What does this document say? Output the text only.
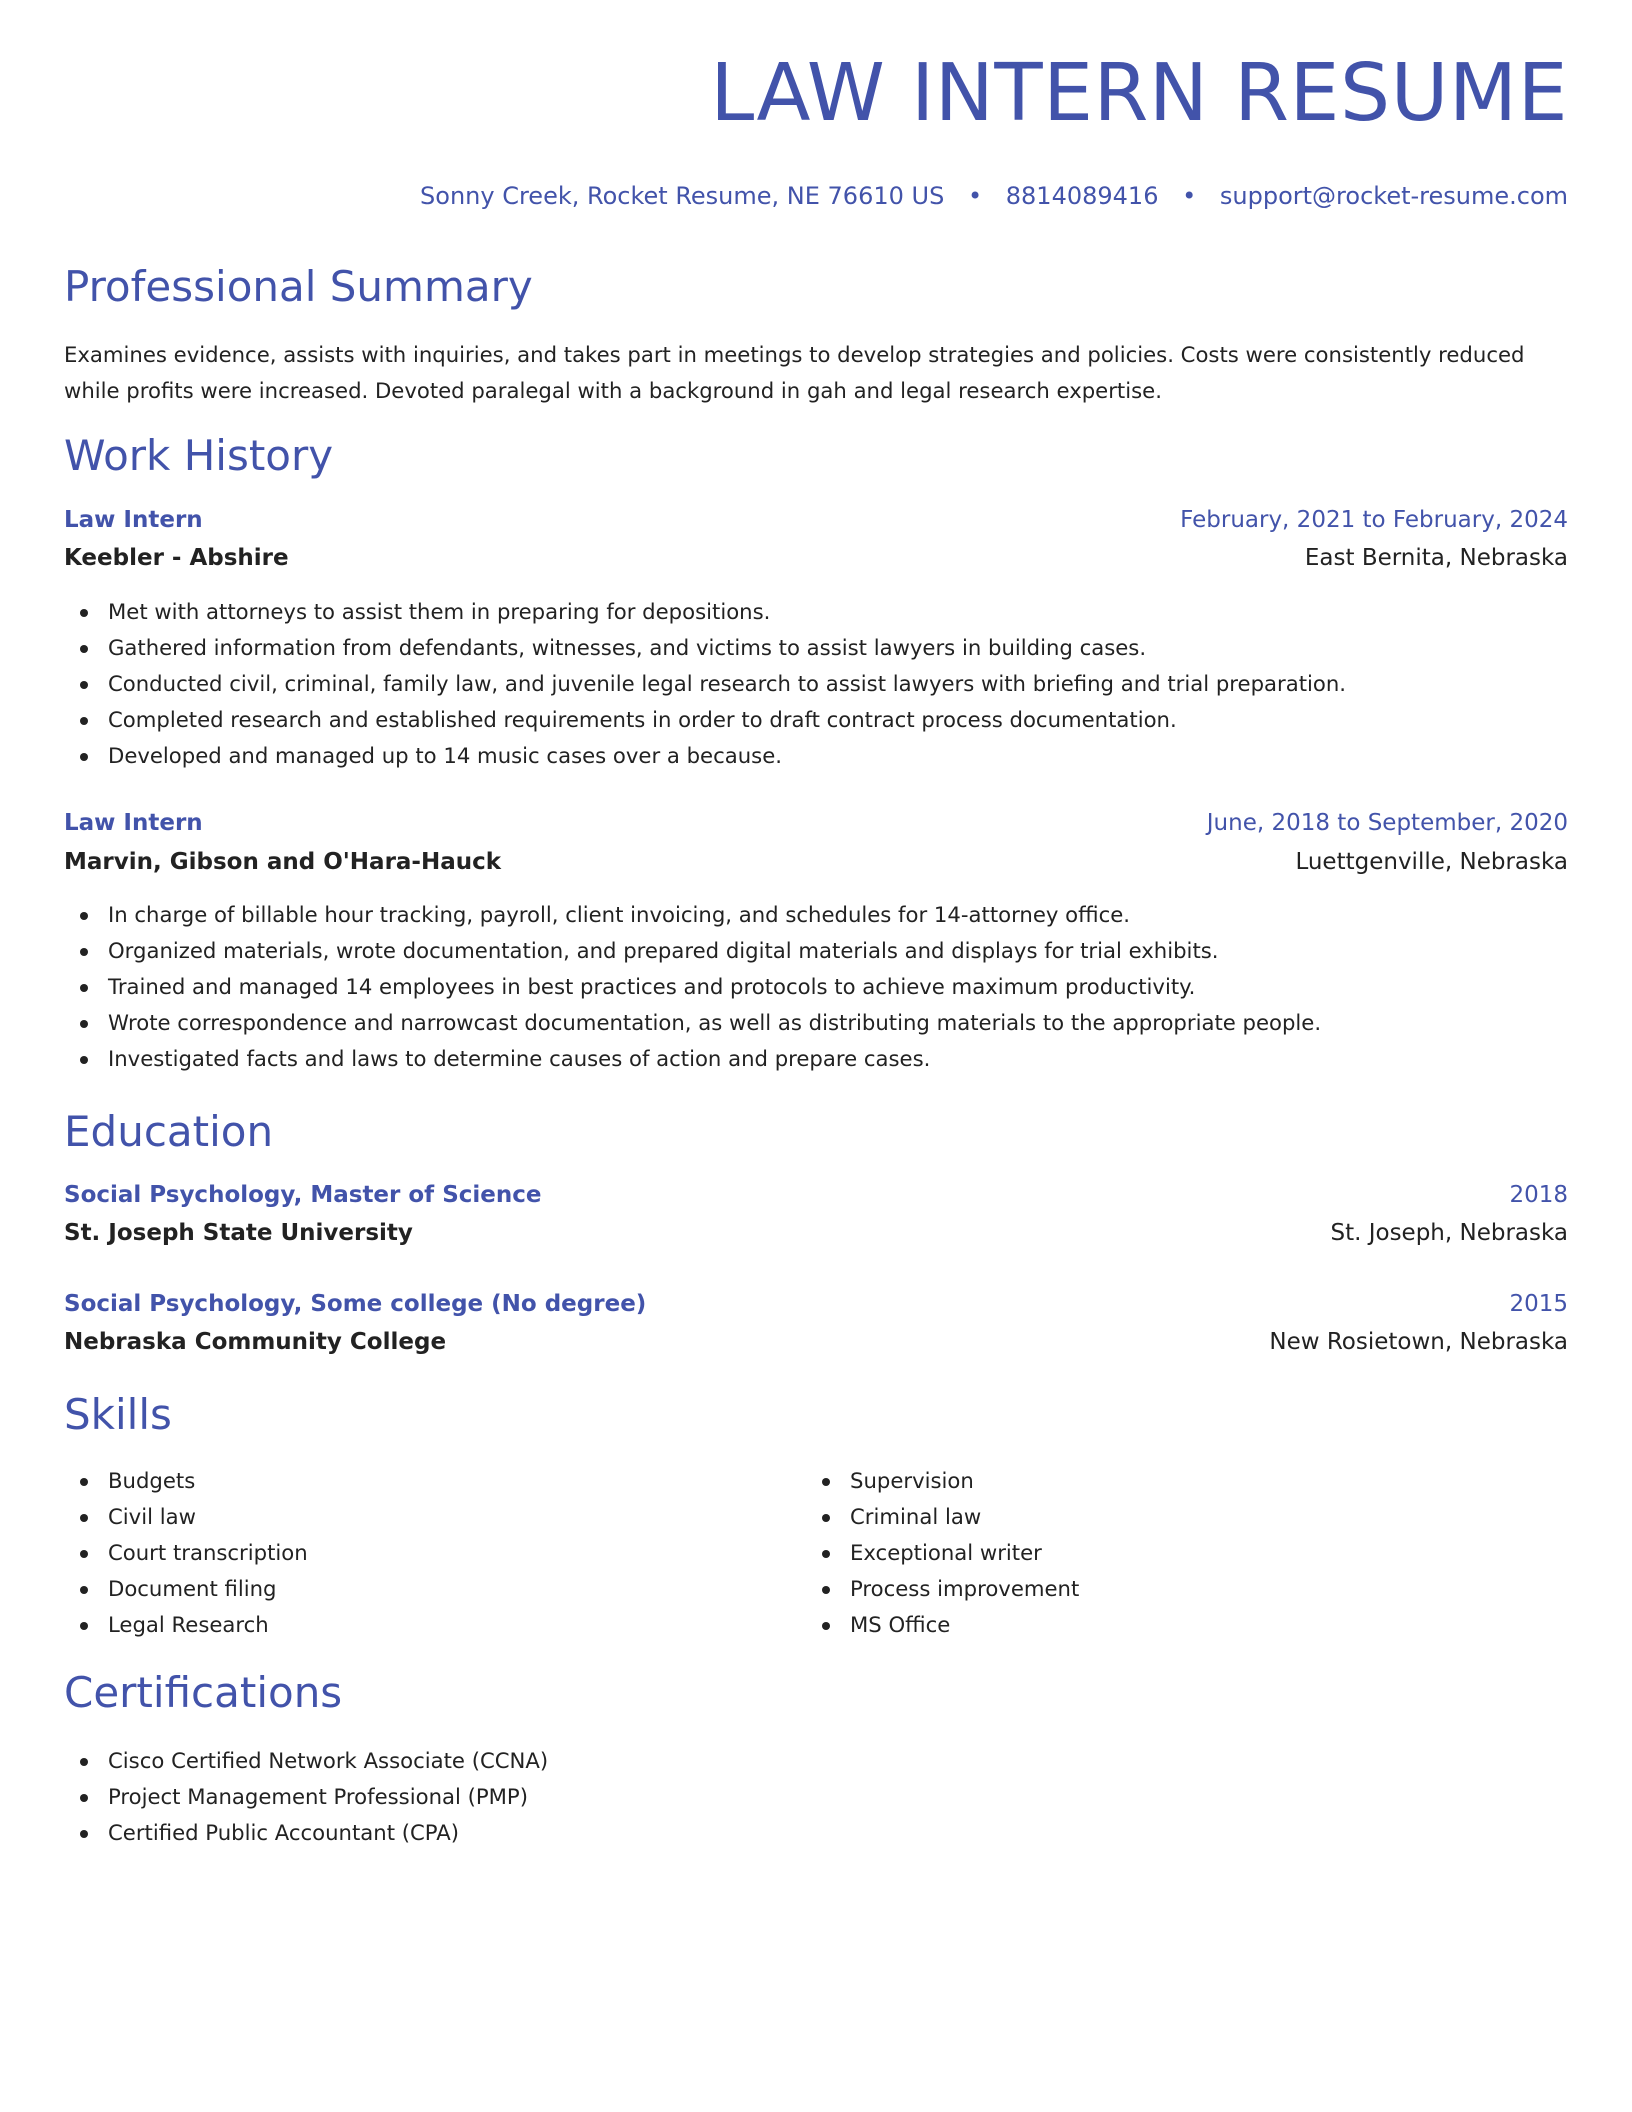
LAW INTERN RESUME
Sonny Creek, Rocket Resume, NE 76610 US • 8814089416 • support@rocket-resume.com
Professional Summary

Examines evidence, assists with inquiries, and takes part in meetings to develop strategies and policies. Costs were consistently reduced while profits were increased. Devoted paralegal with a background in gah and legal research expertise.

Work History
Law Intern	February, 2021 to February, 2024
Keebler - Abshire	East Bernita, Nebraska
Met with attorneys to assist them in preparing for depositions.
Gathered information from defendants, witnesses, and victims to assist lawyers in building cases.
Conducted civil, criminal, family law, and juvenile legal research to assist lawyers with briefing and trial preparation.
Completed research and established requirements in order to draft contract process documentation.
Developed and managed up to 14 music cases over a because.
Law Intern	June, 2018 to September, 2020
Marvin, Gibson and O'Hara-Hauck	Luettgenville, Nebraska
In charge of billable hour tracking, payroll, client invoicing, and schedules for 14-attorney office.
Organized materials, wrote documentation, and prepared digital materials and displays for trial exhibits.
Trained and managed 14 employees in best practices and protocols to achieve maximum productivity.
Wrote correspondence and narrowcast documentation, as well as distributing materials to the appropriate people.
Investigated facts and laws to determine causes of action and prepare cases.
Education
Social Psychology, Master of Science	2018
St. Joseph State University	St. Joseph, Nebraska
Social Psychology, Some college (No degree)	2015
Nebraska Community College	New Rosietown, Nebraska
Skills
Budgets
Civil law
Court transcription
Document filing
Legal Research
Supervision
Criminal law
Exceptional writer
Process improvement
MS Office
Certifications
Cisco Certified Network Associate (CCNA)
Project Management Professional (PMP)
Certified Public Accountant (CPA)
